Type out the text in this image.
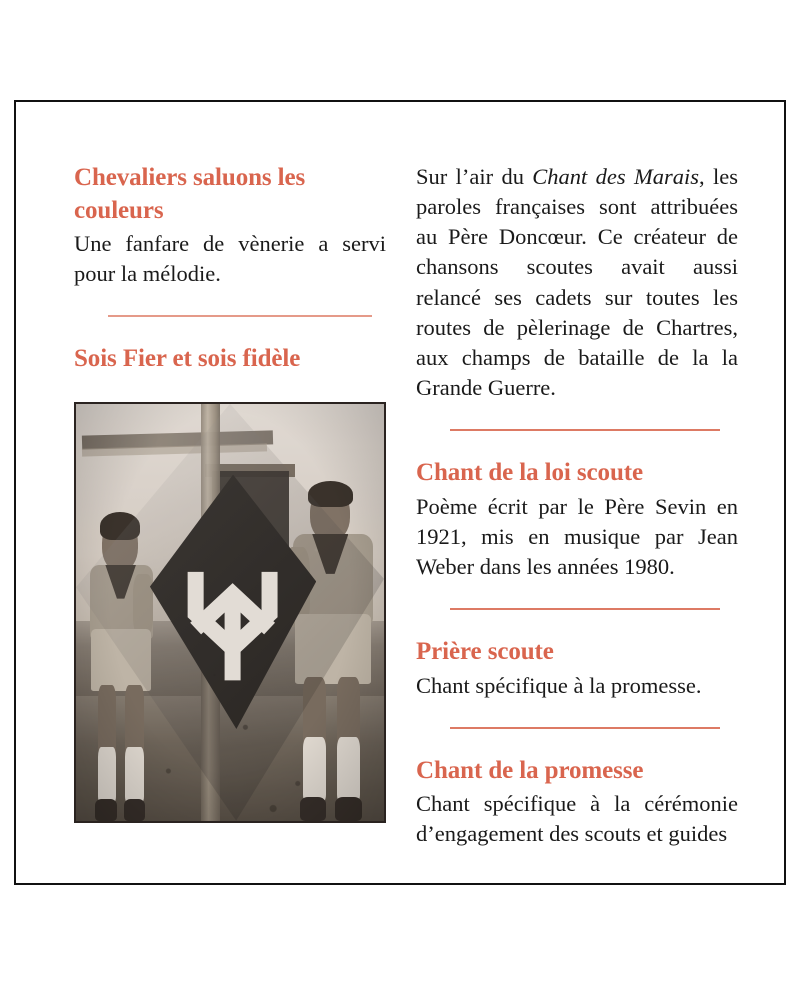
Chevaliers saluons les couleurs

Une fanfare de vènerie a servi pour la mélodie.

Sois Fier et sois fidèle

Sur l’air du Chant des Marais, les paroles françaises sont attribuées au Père Doncœur. Ce créateur de chansons scoutes avait aussi relancé ses cadets sur toutes les routes de pèlerinage de Chartres, aux champs de bataille de la la Grande Guerre.

Chant de la loi scoute

Poème écrit par le Père Sevin en 1921, mis en musique par Jean Weber dans les années 1980.

Prière scoute

Chant spécifique à la promesse.

Chant de la promesse

Chant spécifique à la cérémonie d’engagement des scouts et guides
